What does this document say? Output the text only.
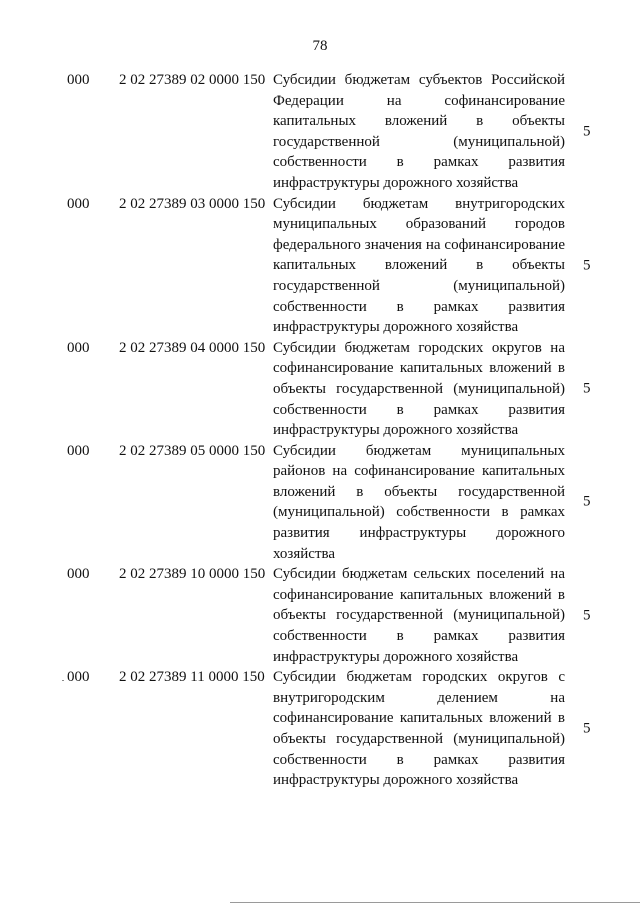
78
000 2 02 27389 02 0000 150 Субсидии бюджетам субъектов Российской Федерации на софинансирование капитальных вложений в объекты государственной (муниципальной) собственности в рамках развития инфраструктуры дорожного хозяйства
5
000 2 02 27389 03 0000 150 Субсидии бюджетам внутригородских муниципальных образований городов федерального значения на софинансирование капитальных вложений в объекты государственной (муниципальной) собственности в рамках развития инфраструктуры дорожного хозяйства
5
000 2 02 27389 04 0000 150 Субсидии бюджетам городских округов на софинансирование капитальных вложений в объекты государственной (муниципальной) собственности в рамках развития инфраструктуры дорожного хозяйства
5
000 2 02 27389 05 0000 150 Субсидии бюджетам муниципальных районов на софинансирование капитальных вложений в объекты государственной (муниципальной) собственности в рамках развития инфраструктуры дорожного хозяйства
5
000 2 02 27389 10 0000 150 Субсидии бюджетам сельских поселений на софинансирование капитальных вложений в объекты государственной (муниципальной) собственности в рамках развития инфраструктуры дорожного хозяйства
5
000 2 02 27389 11 0000 150 Субсидии бюджетам городских округов с внутригородским делением на софинансирование капитальных вложений в объекты государственной (муниципальной) собственности в рамках развития инфраструктуры дорожного хозяйства
5
